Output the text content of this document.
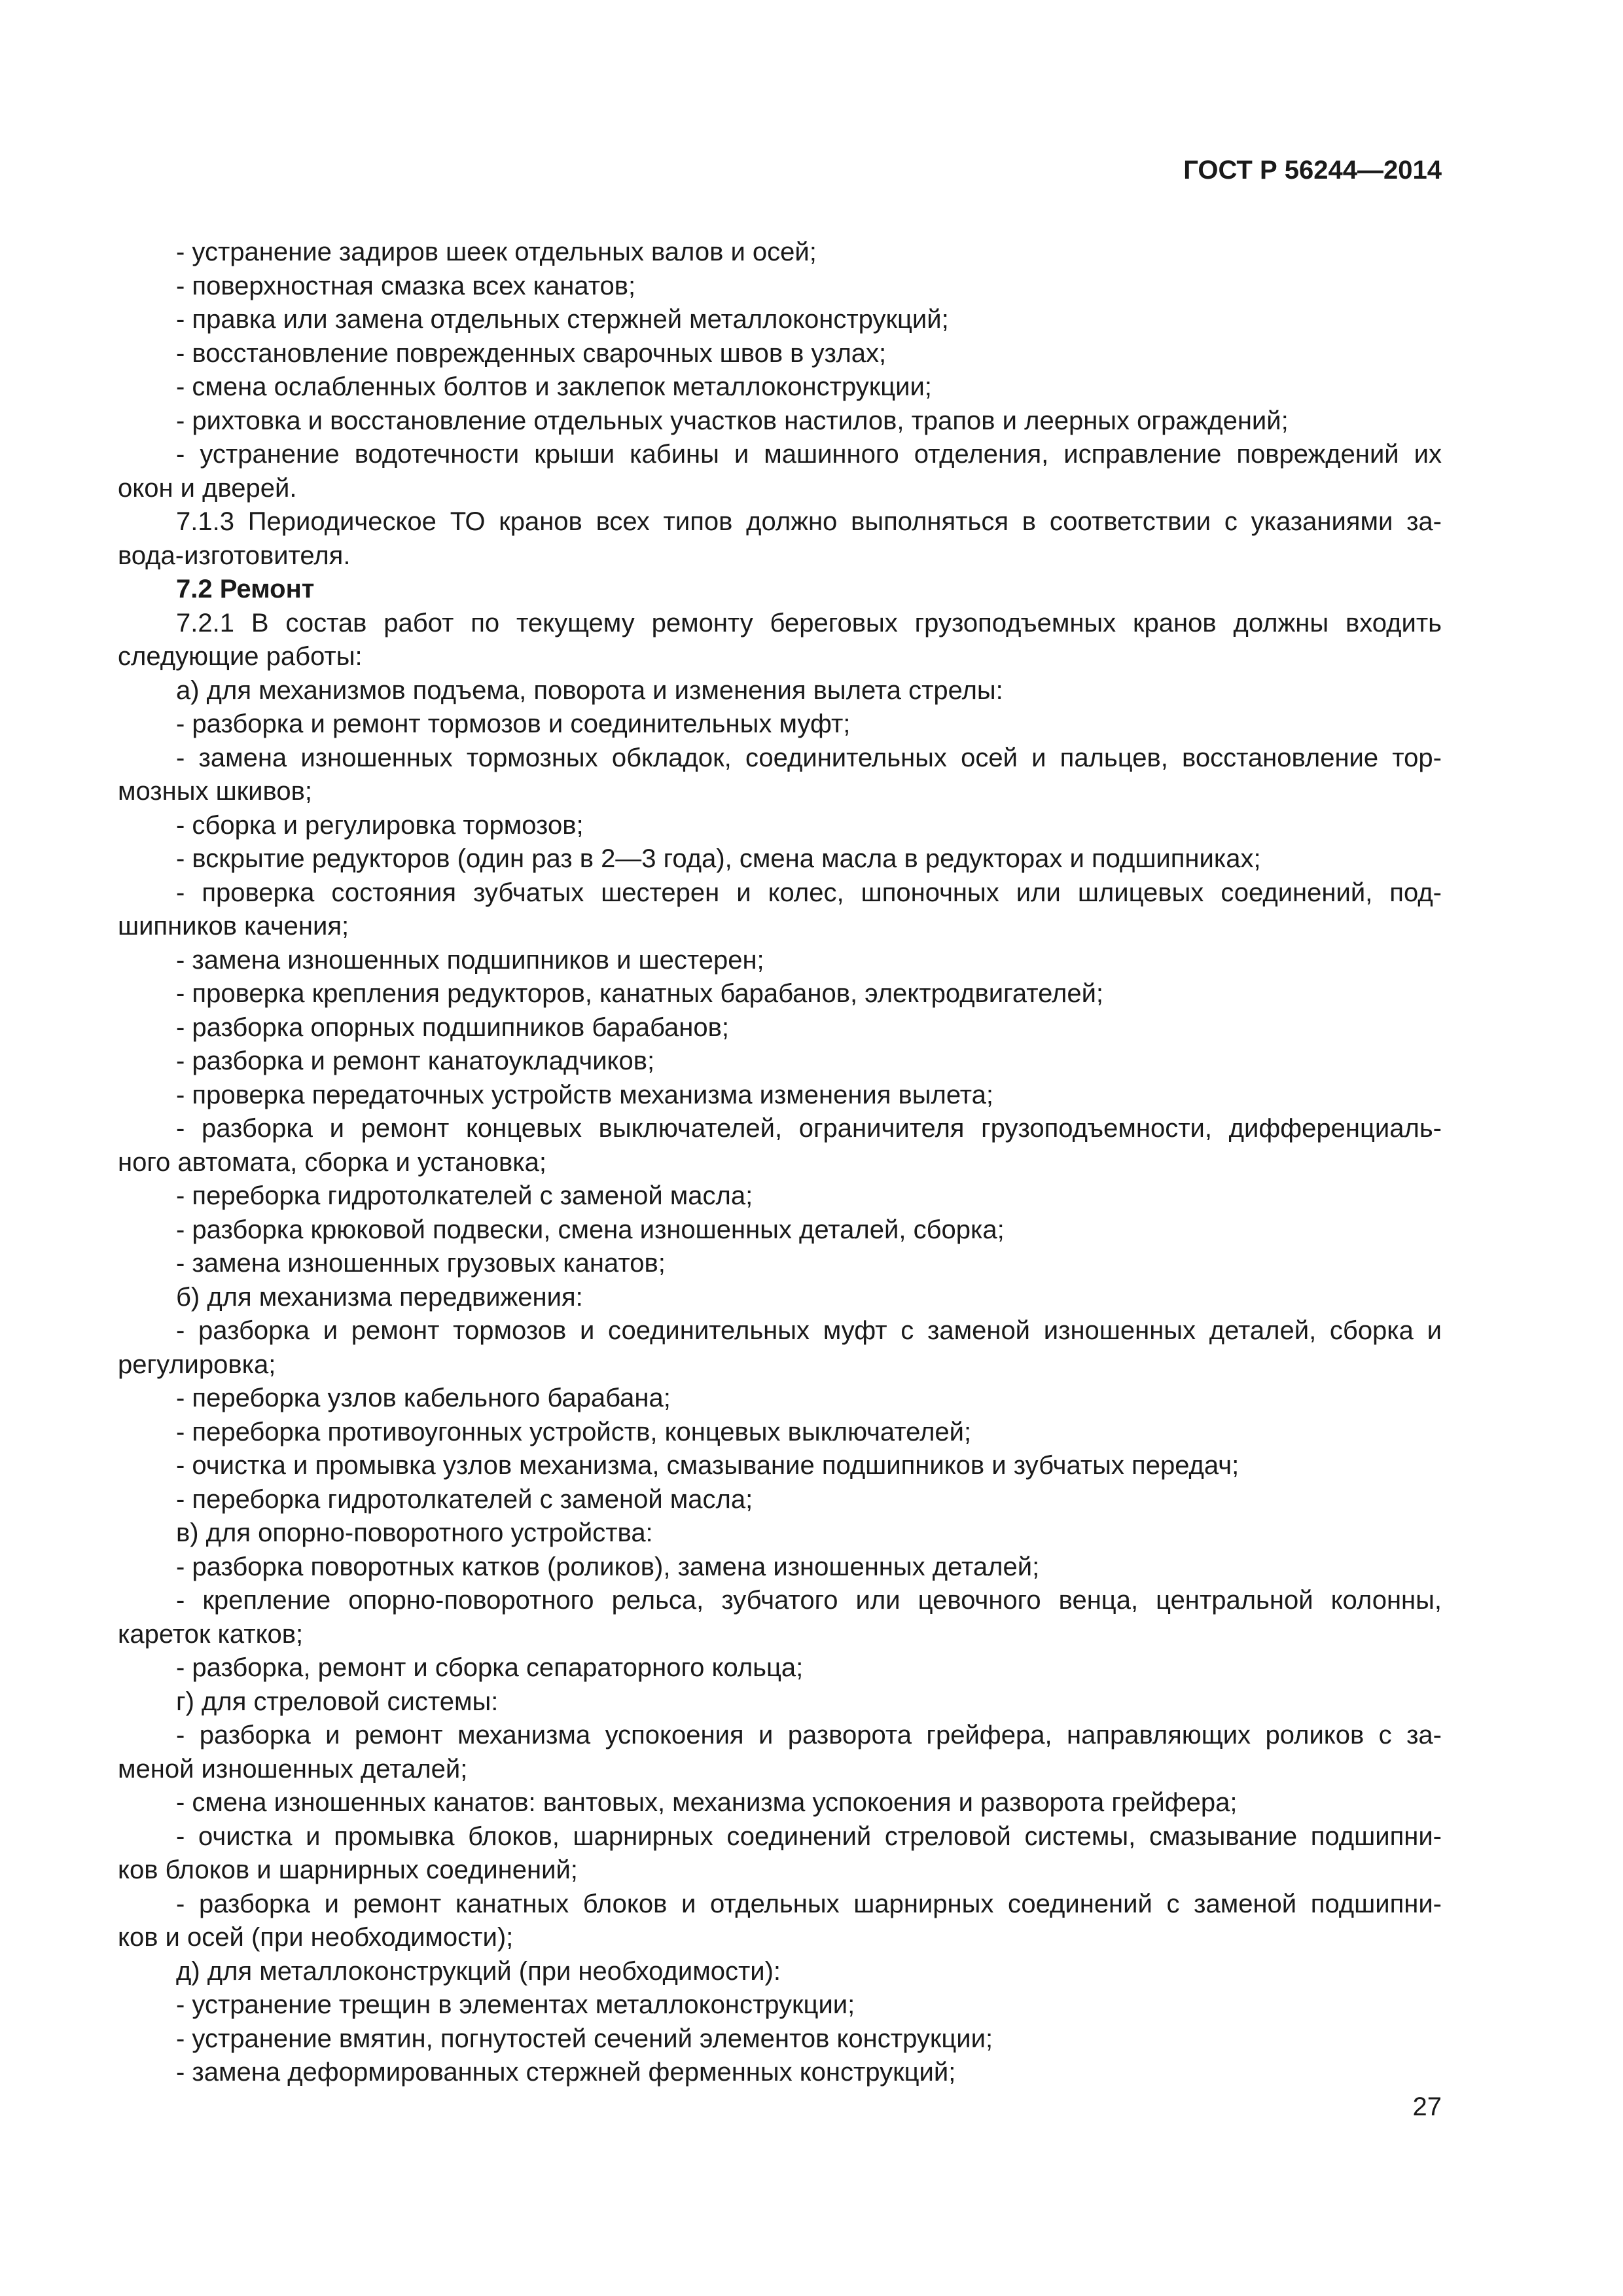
ГОСТ Р 56244—2014

- устранение задиров шеек отдельных валов и осей;

- поверхностная смазка всех канатов;

- правка или замена отдельных стержней металлоконструкций;

- восстановление поврежденных сварочных швов в узлах;

- смена ослабленных болтов и заклепок металлоконструкции;

- рихтовка и восстановление отдельных участков настилов, трапов и леерных ограждений;

- устранение водотечности крыши кабины и машинного отделения, исправление повреждений их

окон и дверей.

7.1.3 Периодическое ТО кранов всех типов должно выполняться в соответствии с указаниями за-

вода-изготовителя.

7.2 Ремонт

7.2.1 В состав работ по текущему ремонту береговых грузоподъемных кранов должны входить

следующие работы:

а) для механизмов подъема, поворота и изменения вылета стрелы:

- разборка и ремонт тормозов и соединительных муфт;

- замена изношенных тормозных обкладок, соединительных осей и пальцев, восстановление тор-

мозных шкивов;

- сборка и регулировка тормозов;

- вскрытие редукторов (один раз в 2—3 года), смена масла в редукторах и подшипниках;

- проверка состояния зубчатых шестерен и колес, шпоночных или шлицевых соединений, под-

шипников качения;

- замена изношенных подшипников и шестерен;

- проверка крепления редукторов, канатных барабанов, электродвигателей;

- разборка опорных подшипников барабанов;

- разборка и ремонт канатоукладчиков;

- проверка передаточных устройств механизма изменения вылета;

- разборка и ремонт концевых выключателей, ограничителя грузоподъемности, дифференциаль-

ного автомата, сборка и установка;

- переборка гидротолкателей с заменой масла;

- разборка крюковой подвески, смена изношенных деталей, сборка;

- замена изношенных грузовых канатов;

б) для механизма передвижения:

- разборка и ремонт тормозов и соединительных муфт с заменой изношенных деталей, сборка и

регулировка;

- переборка узлов кабельного барабана;

- переборка противоугонных устройств, концевых выключателей;

- очистка и промывка узлов механизма, смазывание подшипников и зубчатых передач;

- переборка гидротолкателей с заменой масла;

в) для опорно-поворотного устройства:

- разборка поворотных катков (роликов), замена изношенных деталей;

- крепление опорно-поворотного рельса, зубчатого или цевочного венца, центральной колонны,

кареток катков;

- разборка, ремонт и сборка сепараторного кольца;

г) для стреловой системы:

- разборка и ремонт механизма успокоения и разворота грейфера, направляющих роликов с за-

меной изношенных деталей;

- смена изношенных канатов: вантовых, механизма успокоения и разворота грейфера;

- очистка и промывка блоков, шарнирных соединений стреловой системы, смазывание подшипни-

ков блоков и шарнирных соединений;

- разборка и ремонт канатных блоков и отдельных шарнирных соединений с заменой подшипни-

ков и осей (при необходимости);

д) для металлоконструкций (при необходимости):

- устранение трещин в элементах металлоконструкции;

- устранение вмятин, погнутостей сечений элементов конструкции;

- замена деформированных стержней ферменных конструкций;

27
